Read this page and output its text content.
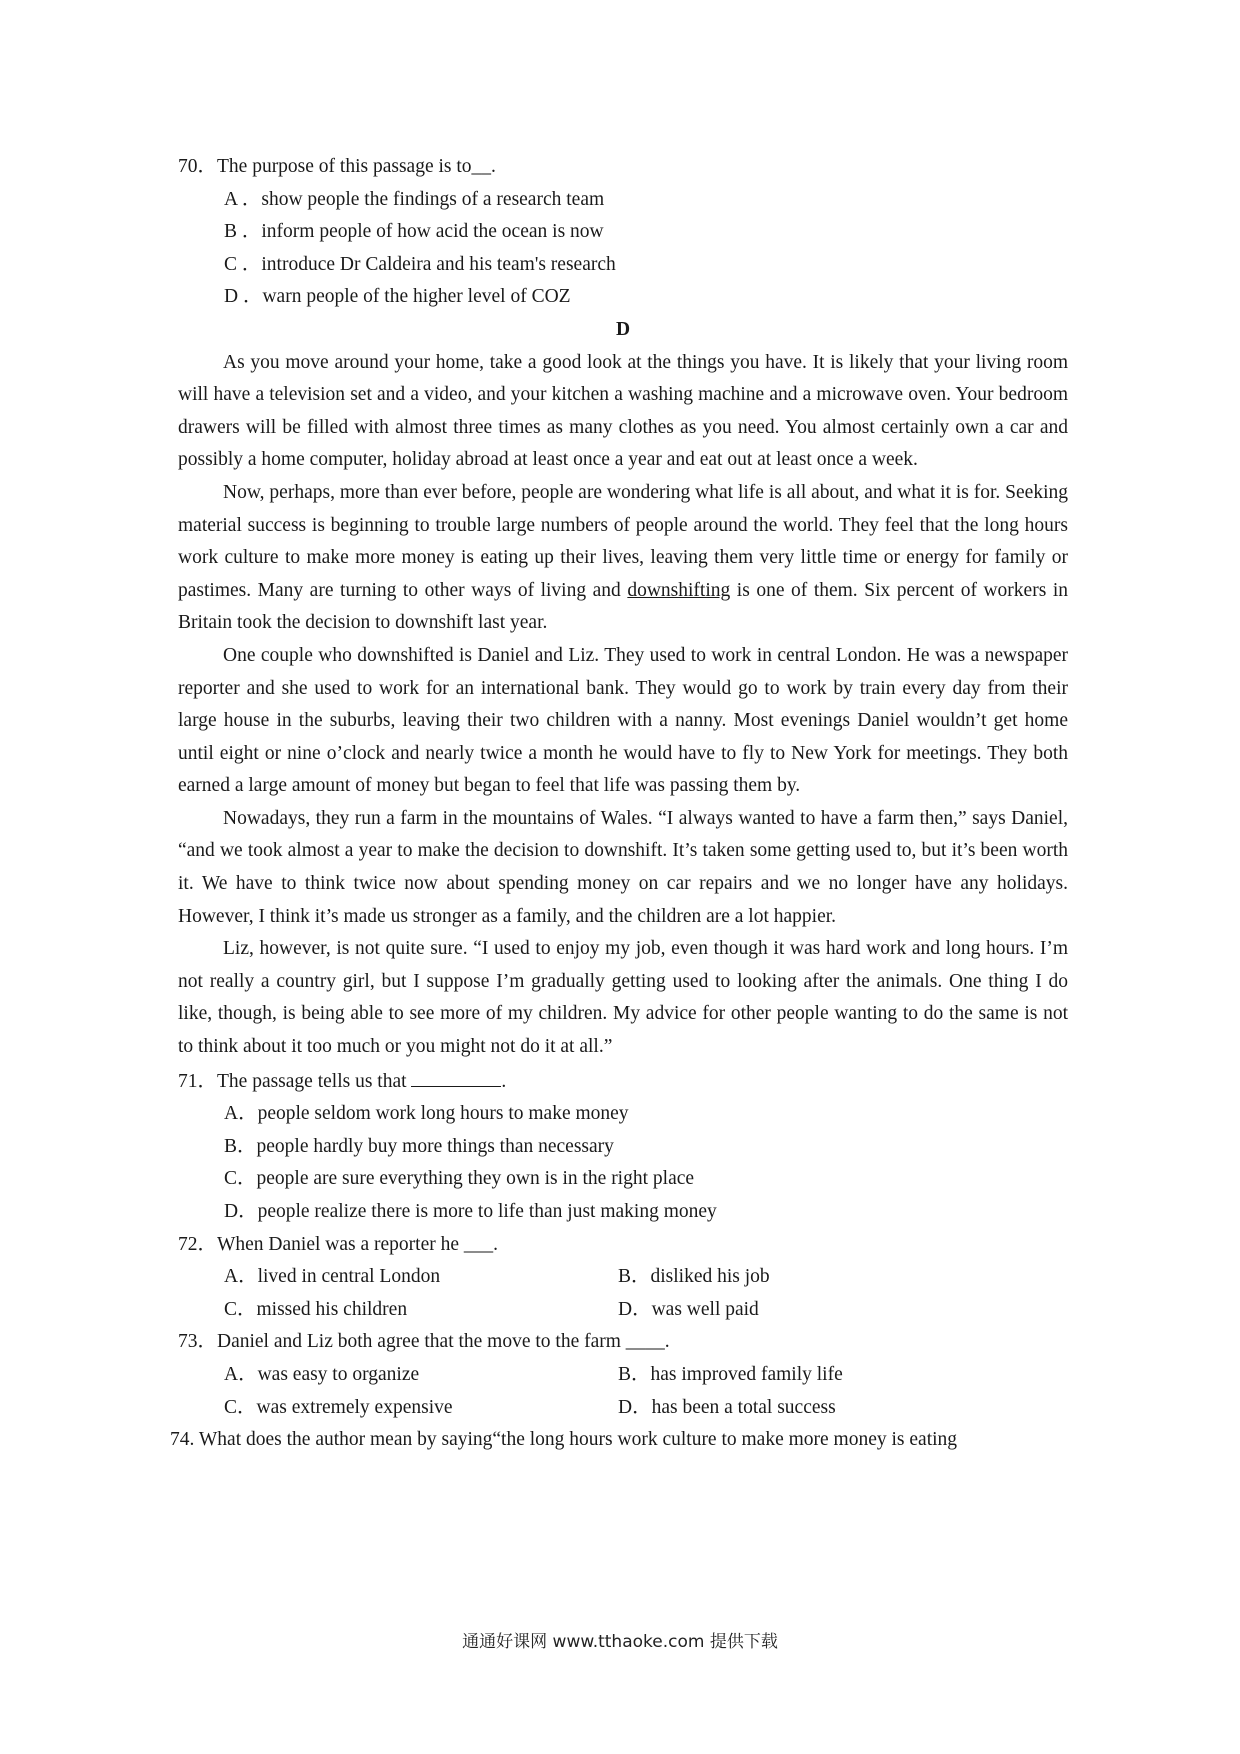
70．The purpose of this passage is to__.

A ．show people the findings of a research team

B ．inform people of how acid the ocean is now

C ．introduce Dr Caldeira and his team's research

D ．warn people of the higher level of COZ

D

As you move around your home, take a good look at the things you have. It is likely that your living room will have a television set and a video, and your kitchen a washing machine and a microwave oven. Your bedroom drawers will be filled with almost three times as many clothes as you need. You almost certainly own a car and possibly a home computer, holiday abroad at least once a year and eat out at least once a week.

Now, perhaps, more than ever before, people are wondering what life is all about, and what it is for. Seeking material success is beginning to trouble large numbers of people around the world. They feel that the long hours work culture to make more money is eating up their lives, leaving them very little time or energy for family or pastimes. Many are turning to other ways of living and downshifting is one of them. Six percent of workers in Britain took the decision to downshift last year.

One couple who downshifted is Daniel and Liz. They used to work in central London. He was a newspaper reporter and she used to work for an international bank. They would go to work by train every day from their large house in the suburbs, leaving their two children with a nanny. Most evenings Daniel wouldn’t get home until eight or nine o’clock and nearly twice a month he would have to fly to New York for meetings. They both earned a large amount of money but began to feel that life was passing them by.

Nowadays, they run a farm in the mountains of Wales. “I always wanted to have a farm then,” says Daniel, “and we took almost a year to make the decision to downshift. It’s taken some getting used to, but it’s been worth it. We have to think twice now about spending money on car repairs and we no longer have any holidays. However, I think it’s made us stronger as a family, and the children are a lot happier.

Liz, however, is not quite sure. “I used to enjoy my job, even though it was hard work and long hours. I’m not really a country girl, but I suppose I’m gradually getting used to looking after the animals. One thing I do like, though, is being able to see more of my children. My advice for other people wanting to do the same is not to think about it too much or you might not do it at all.”

71．The passage tells us that	.

A．people seldom work long hours to make money

B．people hardly buy more things than necessary

C．people are sure everything they own is in the right place

D．people realize there is more to life than just making money

72．When Daniel was a reporter he ___.

A．lived in central London	B．disliked his job
C．missed his children	D．was well paid

73．Daniel and Liz both agree that the move to the farm ____.

A．was easy to organize	B．has improved family life
C．was extremely expensive	D．has been a total success

74. What does the author mean by saying“the long hours work culture to make more money is eating

通通好课网 www.tthaoke.com 提供下载
